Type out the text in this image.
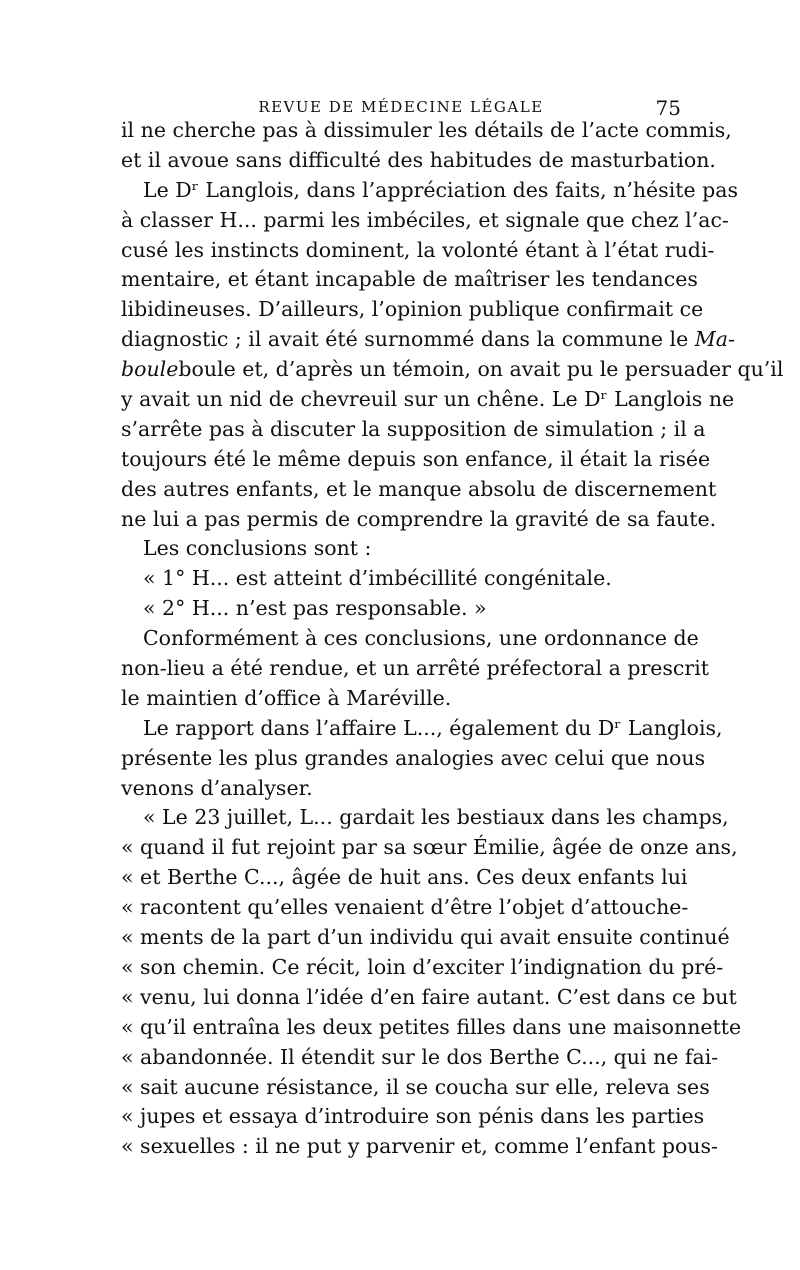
REVUE DE MÉDECINE LÉGALE	75
il ne cherche pas à dissimuler les détails de l’acte commis,
et il avoue sans difficulté des habitudes de masturbation.
Le Dʳ Langlois, dans l’appréciation des faits, n’hésite pas
à classer H... parmi les imbéciles, et signale que chez l’ac-
cusé les instincts dominent, la volonté étant à l’état rudi-
mentaire, et étant incapable de maîtriser les tendances
libidineuses. D’ailleurs, l’opinion publique confirmait ce
diagnostic ; il avait été surnommé dans la commune le Ma-
bouleboule et, d’après un témoin, on avait pu le persuader qu’il
y avait un nid de chevreuil sur un chêne. Le Dʳ Langlois ne
s’arrête pas à discuter la supposition de simulation ; il a
toujours été le même depuis son enfance, il était la risée
des autres enfants, et le manque absolu de discernement
ne lui a pas permis de comprendre la gravité de sa faute.
Les conclusions sont :
« 1° H... est atteint d’imbécillité congénitale.
« 2° H... n’est pas responsable. »
Conformément à ces conclusions, une ordonnance de
non-lieu a été rendue, et un arrêté préfectoral a prescrit
le maintien d’office à Maréville.
Le rapport dans l’affaire L..., également du Dʳ Langlois,
présente les plus grandes analogies avec celui que nous
venons d’analyser.
« Le 23 juillet, L... gardait les bestiaux dans les champs,
« quand il fut rejoint par sa sœur Émilie, âgée de onze ans,
« et Berthe C..., âgée de huit ans. Ces deux enfants lui
« racontent qu’elles venaient d’être l’objet d’attouche-
« ments de la part d’un individu qui avait ensuite continué
« son chemin. Ce récit, loin d’exciter l’indignation du pré-
« venu, lui donna l’idée d’en faire autant. C’est dans ce but
« qu’il entraîna les deux petites filles dans une maisonnette
« abandonnée. Il étendit sur le dos Berthe C..., qui ne fai-
« sait aucune résistance, il se coucha sur elle, releva ses
« jupes et essaya d’introduire son pénis dans les parties
« sexuelles : il ne put y parvenir et, comme l’enfant pous-
